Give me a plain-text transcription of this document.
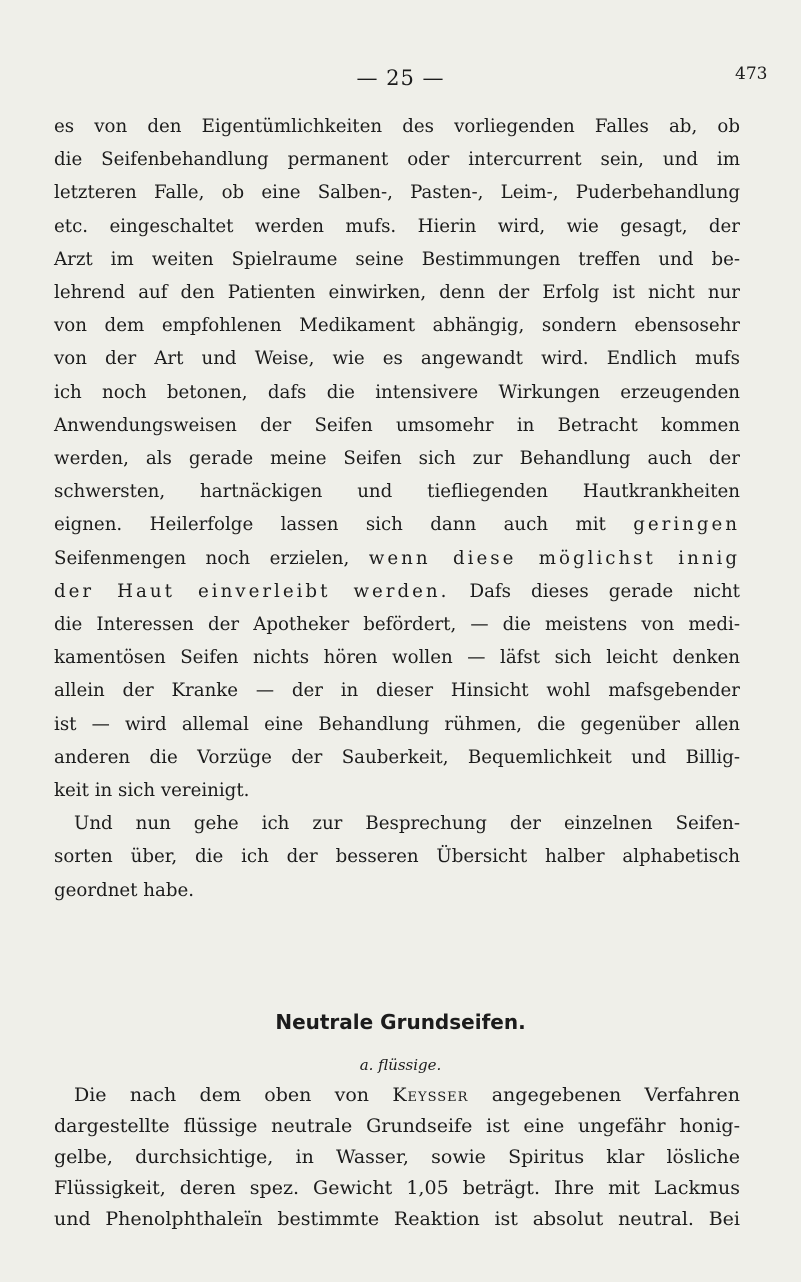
— 25 —	473
es von den Eigentümlichkeiten des vorliegenden Falles ab, ob
die Seifenbehandlung permanent oder intercurrent sein, und im
letzteren Falle, ob eine Salben-, Pasten-, Leim-, Puderbehandlung
etc. eingeschaltet werden mufs. Hierin wird, wie gesagt, der
Arzt im weiten Spielraume seine Bestimmungen treffen und be-
lehrend auf den Patienten einwirken, denn der Erfolg ist nicht nur
von dem empfohlenen Medikament abhängig, sondern ebensosehr
von der Art und Weise, wie es angewandt wird. Endlich mufs
ich noch betonen, dafs die intensivere Wirkungen erzeugenden
Anwendungsweisen der Seifen umsomehr in Betracht kommen
werden, als gerade meine Seifen sich zur Behandlung auch der
schwersten, hartnäckigen und tiefliegenden Hautkrankheiten
eignen. Heilerfolge lassen sich dann auch mit geringen
Seifenmengen noch erzielen, wenn diese möglichst innig
der Haut einverleibt werden. Dafs dieses gerade nicht
die Interessen der Apotheker befördert, — die meistens von medi-
kamentösen Seifen nichts hören wollen — läfst sich leicht denken
allein der Kranke — der in dieser Hinsicht wohl mafsgebender
ist — wird allemal eine Behandlung rühmen, die gegenüber allen
anderen die Vorzüge der Sauberkeit, Bequemlichkeit und Billig-
keit in sich vereinigt.
Und nun gehe ich zur Besprechung der einzelnen Seifen-
sorten über, die ich der besseren Übersicht halber alphabetisch
geordnet habe.
Neutrale Grundseifen.
a. flüssige.
Die nach dem oben von Keysser angegebenen Verfahren
dargestellte flüssige neutrale Grundseife ist eine ungefähr honig-
gelbe, durchsichtige, in Wasser, sowie Spiritus klar lösliche
Flüssigkeit, deren spez. Gewicht 1,05 beträgt. Ihre mit Lackmus
und Phenolphthaleïn bestimmte Reaktion ist absolut neutral. Bei
